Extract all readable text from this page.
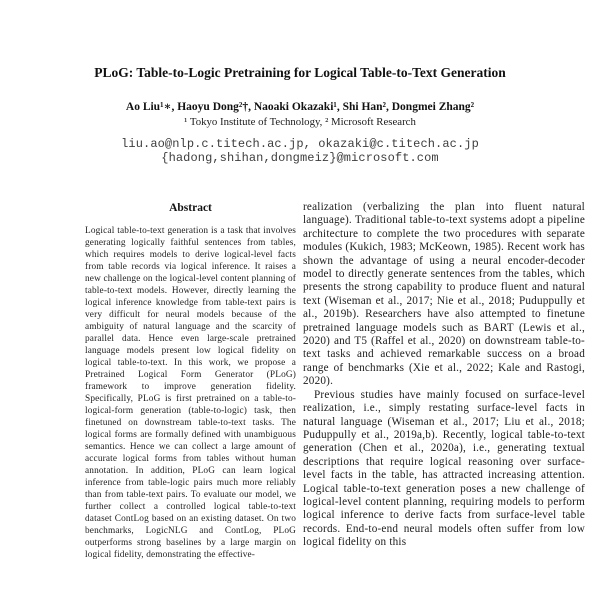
PLoG: Table-to-Logic Pretraining for Logical Table-to-Text Generation
Ao Liu¹∗, Haoyu Dong²†, Naoaki Okazaki¹, Shi Han², Dongmei Zhang²
¹ Tokyo Institute of Technology, ² Microsoft Research
liu.ao@nlp.c.titech.ac.jp, okazaki@c.titech.ac.jp
{hadong,shihan,dongmeiz}@microsoft.com
Abstract

Logical table-to-text generation is a task that involves generating logically faithful sentences from tables, which requires models to derive logical-level facts from table records via logical inference. It raises a new challenge on the logical-level content planning of table-to-text models. However, directly learning the logical inference knowledge from table-text pairs is very difficult for neural models because of the ambiguity of natural language and the scarcity of parallel data. Hence even large-scale pretrained language models present low logical fidelity on logical table-to-text. In this work, we propose a Pretrained Logical Form Generator (PLoG) framework to improve generation fidelity. Specifically, PLoG is first pretrained on a table-to-logical-form generation (table-to-logic) task, then finetuned on downstream table-to-text tasks. The logical forms are formally defined with unambiguous semantics. Hence we can collect a large amount of accurate logical forms from tables without human annotation. In addition, PLoG can learn logical inference from table-logic pairs much more reliably than from table-text pairs. To evaluate our model, we further collect a controlled logical table-to-text dataset ContLog based on an existing dataset. On two benchmarks, LogicNLG and ContLog, PLoG outperforms strong baselines by a large margin on logical fidelity, demonstrating the effective-

realization (verbalizing the plan into fluent natural language). Traditional table-to-text systems adopt a pipeline architecture to complete the two procedures with separate modules (Kukich, 1983; McKeown, 1985). Recent work has shown the advantage of using a neural encoder-decoder model to directly generate sentences from the tables, which presents the strong capability to produce fluent and natural text (Wiseman et al., 2017; Nie et al., 2018; Puduppully et al., 2019b). Researchers have also attempted to finetune pretrained language models such as BART (Lewis et al., 2020) and T5 (Raffel et al., 2020) on downstream table-to-text tasks and achieved remarkable success on a broad range of benchmarks (Xie et al., 2022; Kale and Rastogi, 2020).

Previous studies have mainly focused on surface-level realization, i.e., simply restating surface-level facts in natural language (Wiseman et al., 2017; Liu et al., 2018; Puduppully et al., 2019a,b). Recently, logical table-to-text generation (Chen et al., 2020a), i.e., generating textual descriptions that require logical reasoning over surface-level facts in the table, has attracted increasing attention. Logical table-to-text generation poses a new challenge of logical-level content planning, requiring models to perform logical inference to derive facts from surface-level table records. End-to-end neural models often suffer from low logical fidelity on this
